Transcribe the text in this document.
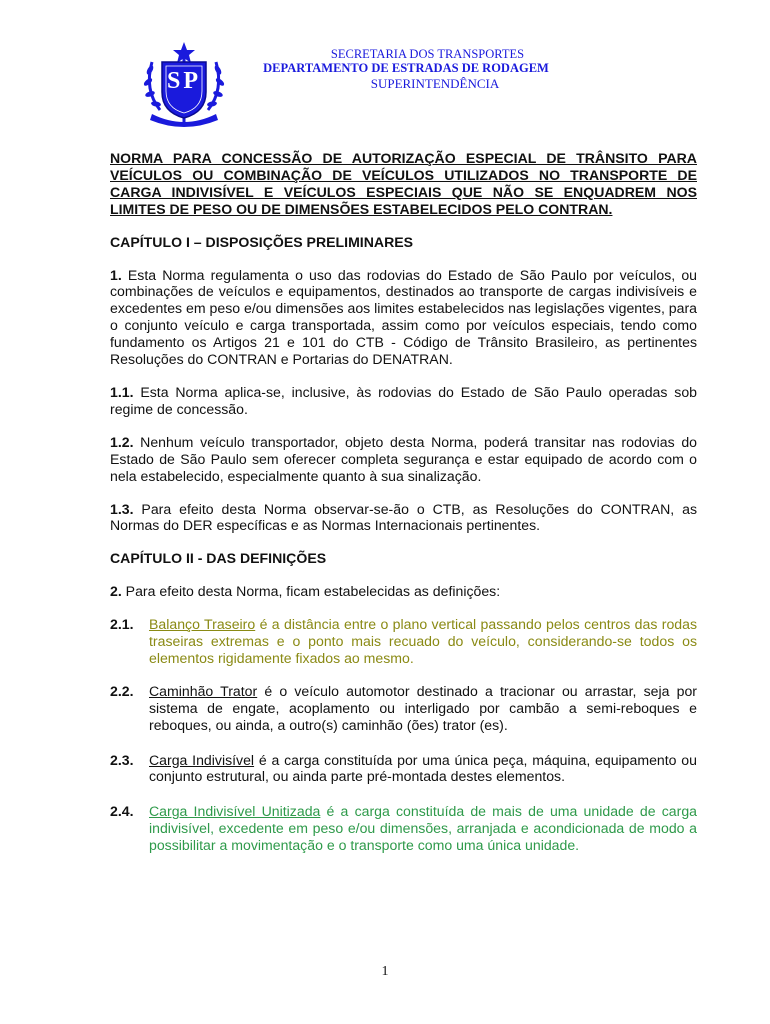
SP
SECRETARIA DOS TRANSPORTES
DEPARTAMENTO DE ESTRADAS DE RODAGEM
SUPERINTENDÊNCIA

NORMA PARA CONCESSÃO DE AUTORIZAÇÃO ESPECIAL DE TRÂNSITO PARA VEÍCULOS OU COMBINAÇÃO DE VEÍCULOS UTILIZADOS NO TRANSPORTE DE CARGA INDIVISÍVEL E VEÍCULOS ESPECIAIS QUE NÃO SE ENQUADREM NOS LIMITES DE PESO OU DE DIMENSÕES ESTABELECIDOS PELO CONTRAN.

CAPÍTULO I – DISPOSIÇÕES PRELIMINARES

1. Esta Norma regulamenta o uso das rodovias do Estado de São Paulo por veículos, ou combinações de veículos e equipamentos, destinados ao transporte de cargas indivisíveis e excedentes em peso e/ou dimensões aos limites estabelecidos nas legislações vigentes, para o conjunto veículo e carga transportada, assim como por veículos especiais, tendo como fundamento os Artigos 21 e 101 do CTB - Código de Trânsito Brasileiro, as pertinentes Resoluções do CONTRAN e Portarias do DENATRAN.

1.1. Esta Norma aplica-se, inclusive, às rodovias do Estado de São Paulo operadas sob regime de concessão.

1.2. Nenhum veículo transportador, objeto desta Norma, poderá transitar nas rodovias do Estado de São Paulo sem oferecer completa segurança e estar equipado de acordo com o nela estabelecido, especialmente quanto à sua sinalização.

1.3. Para efeito desta Norma observar-se-ão o CTB, as Resoluções do CONTRAN, as Normas do DER específicas e as Normas Internacionais pertinentes.

CAPÍTULO II - DAS DEFINIÇÕES

2. Para efeito desta Norma, ficam estabelecidas as definições:

2.1.	Balanço Traseiro é a distância entre o plano vertical passando pelos centros das rodas traseiras extremas e o ponto mais recuado do veículo, considerando-se todos os elementos rigidamente fixados ao mesmo.
2.2.	Caminhão Trator é o veículo automotor destinado a tracionar ou arrastar, seja por sistema de engate, acoplamento ou interligado por cambão a semi-reboques e reboques, ou ainda, a outro(s) caminhão (ões) trator (es).
2.3.	Carga Indivisível é a carga constituída por uma única peça, máquina, equipamento ou conjunto estrutural, ou ainda parte pré-montada destes elementos.
2.4.	Carga Indivisível Unitizada é a carga constituída de mais de uma unidade de carga indivisível, excedente em peso e/ou dimensões, arranjada e acondicionada de modo a possibilitar a movimentação e o transporte como uma única unidade.
1
